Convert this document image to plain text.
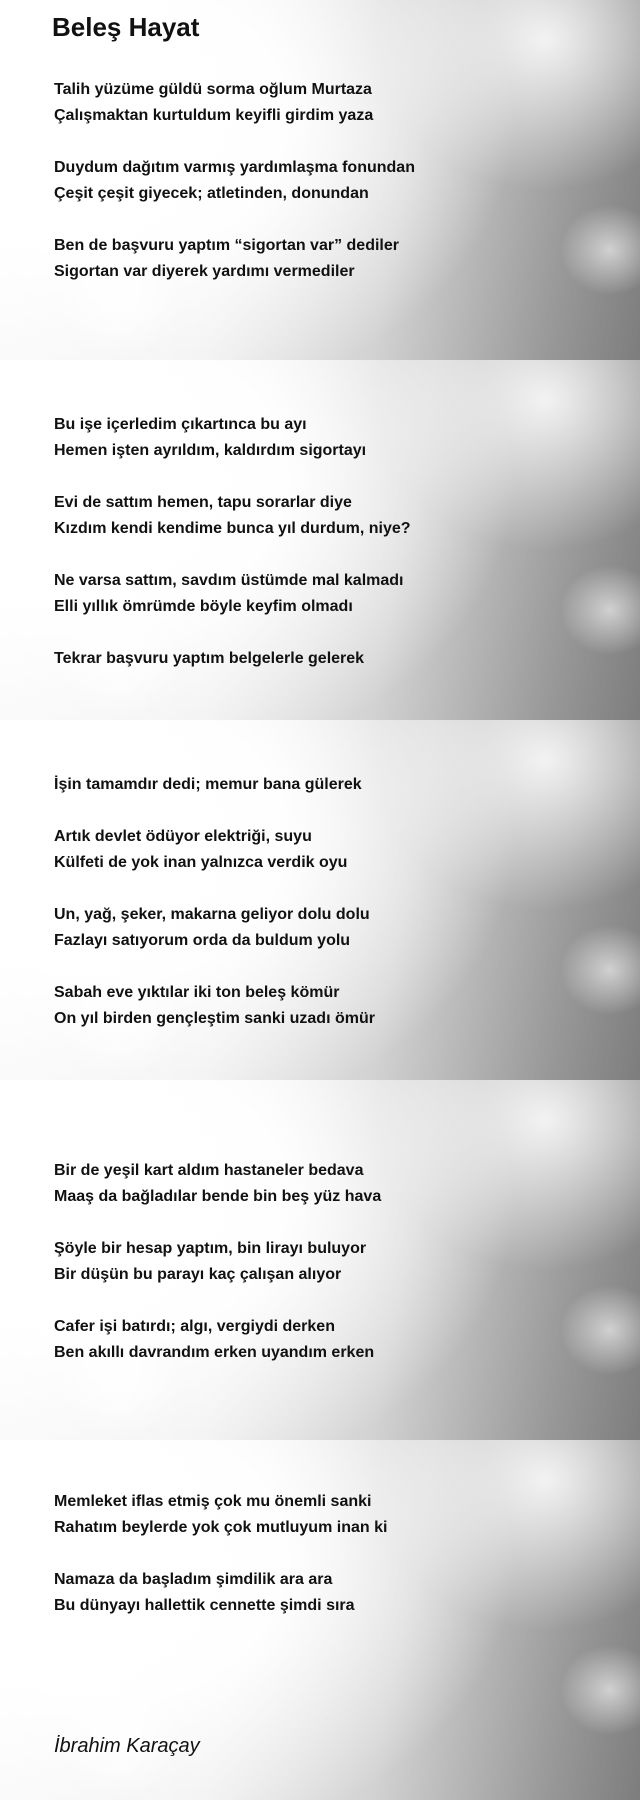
Beleş Hayat
Talih yüzüme güldü sorma oğlum Murtaza
Çalışmaktan kurtuldum keyifli girdim yaza
Duydum dağıtım varmış yardımlaşma fonundan
Çeşit çeşit giyecek; atletinden, donundan
Ben de başvuru yaptım “sigortan var” dediler
Sigortan var diyerek yardımı vermediler
Bu işe içerledim çıkartınca bu ayı
Hemen işten ayrıldım, kaldırdım sigortayı
Evi de sattım hemen, tapu sorarlar diye
Kızdım kendi kendime bunca yıl durdum, niye?
Ne varsa sattım, savdım üstümde mal kalmadı
Elli yıllık ömrümde böyle keyfim olmadı
Tekrar başvuru yaptım belgelerle gelerek
İşin tamamdır dedi; memur bana gülerek
Artık devlet ödüyor elektriği, suyu
Külfeti de yok inan yalnızca verdik oyu
Un, yağ, şeker, makarna geliyor dolu dolu
Fazlayı satıyorum orda da buldum yolu
Sabah eve yıktılar iki ton beleş kömür
On yıl birden gençleştim sanki uzadı ömür
Bir de yeşil kart aldım hastaneler bedava
Maaş da bağladılar bende bin beş yüz hava
Şöyle bir hesap yaptım, bin lirayı buluyor
Bir düşün bu parayı kaç çalışan alıyor
Cafer işi batırdı; algı, vergiydi derken
Ben akıllı davrandım erken uyandım erken
Memleket iflas etmiş çok mu önemli sanki
Rahatım beylerde yok çok mutluyum inan ki
Namaza da başladım şimdilik ara ara
Bu dünyayı hallettik cennette şimdi sıra
İbrahim Karaçay
